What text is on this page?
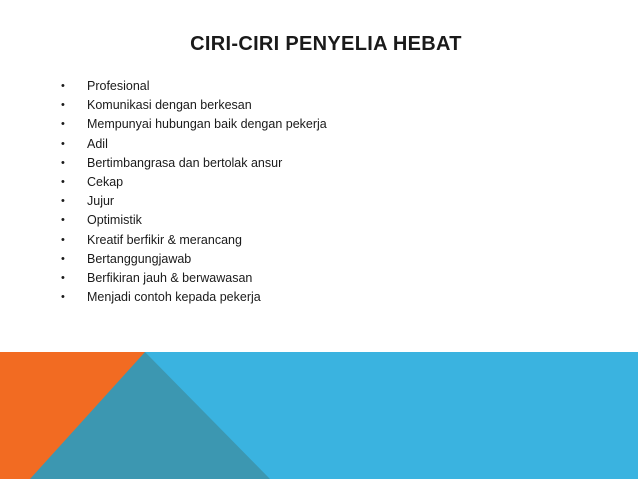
CIRI-CIRI PENYELIA HEBAT
• Profesional
• Komunikasi dengan berkesan
• Mempunyai hubungan baik dengan pekerja
• Adil
• Bertimbangrasa dan bertolak ansur
• Cekap
• Jujur
• Optimistik
• Kreatif berfikir & merancang
• Bertanggungjawab
• Berfikiran jauh & berwawasan
• Menjadi contoh kepada pekerja
